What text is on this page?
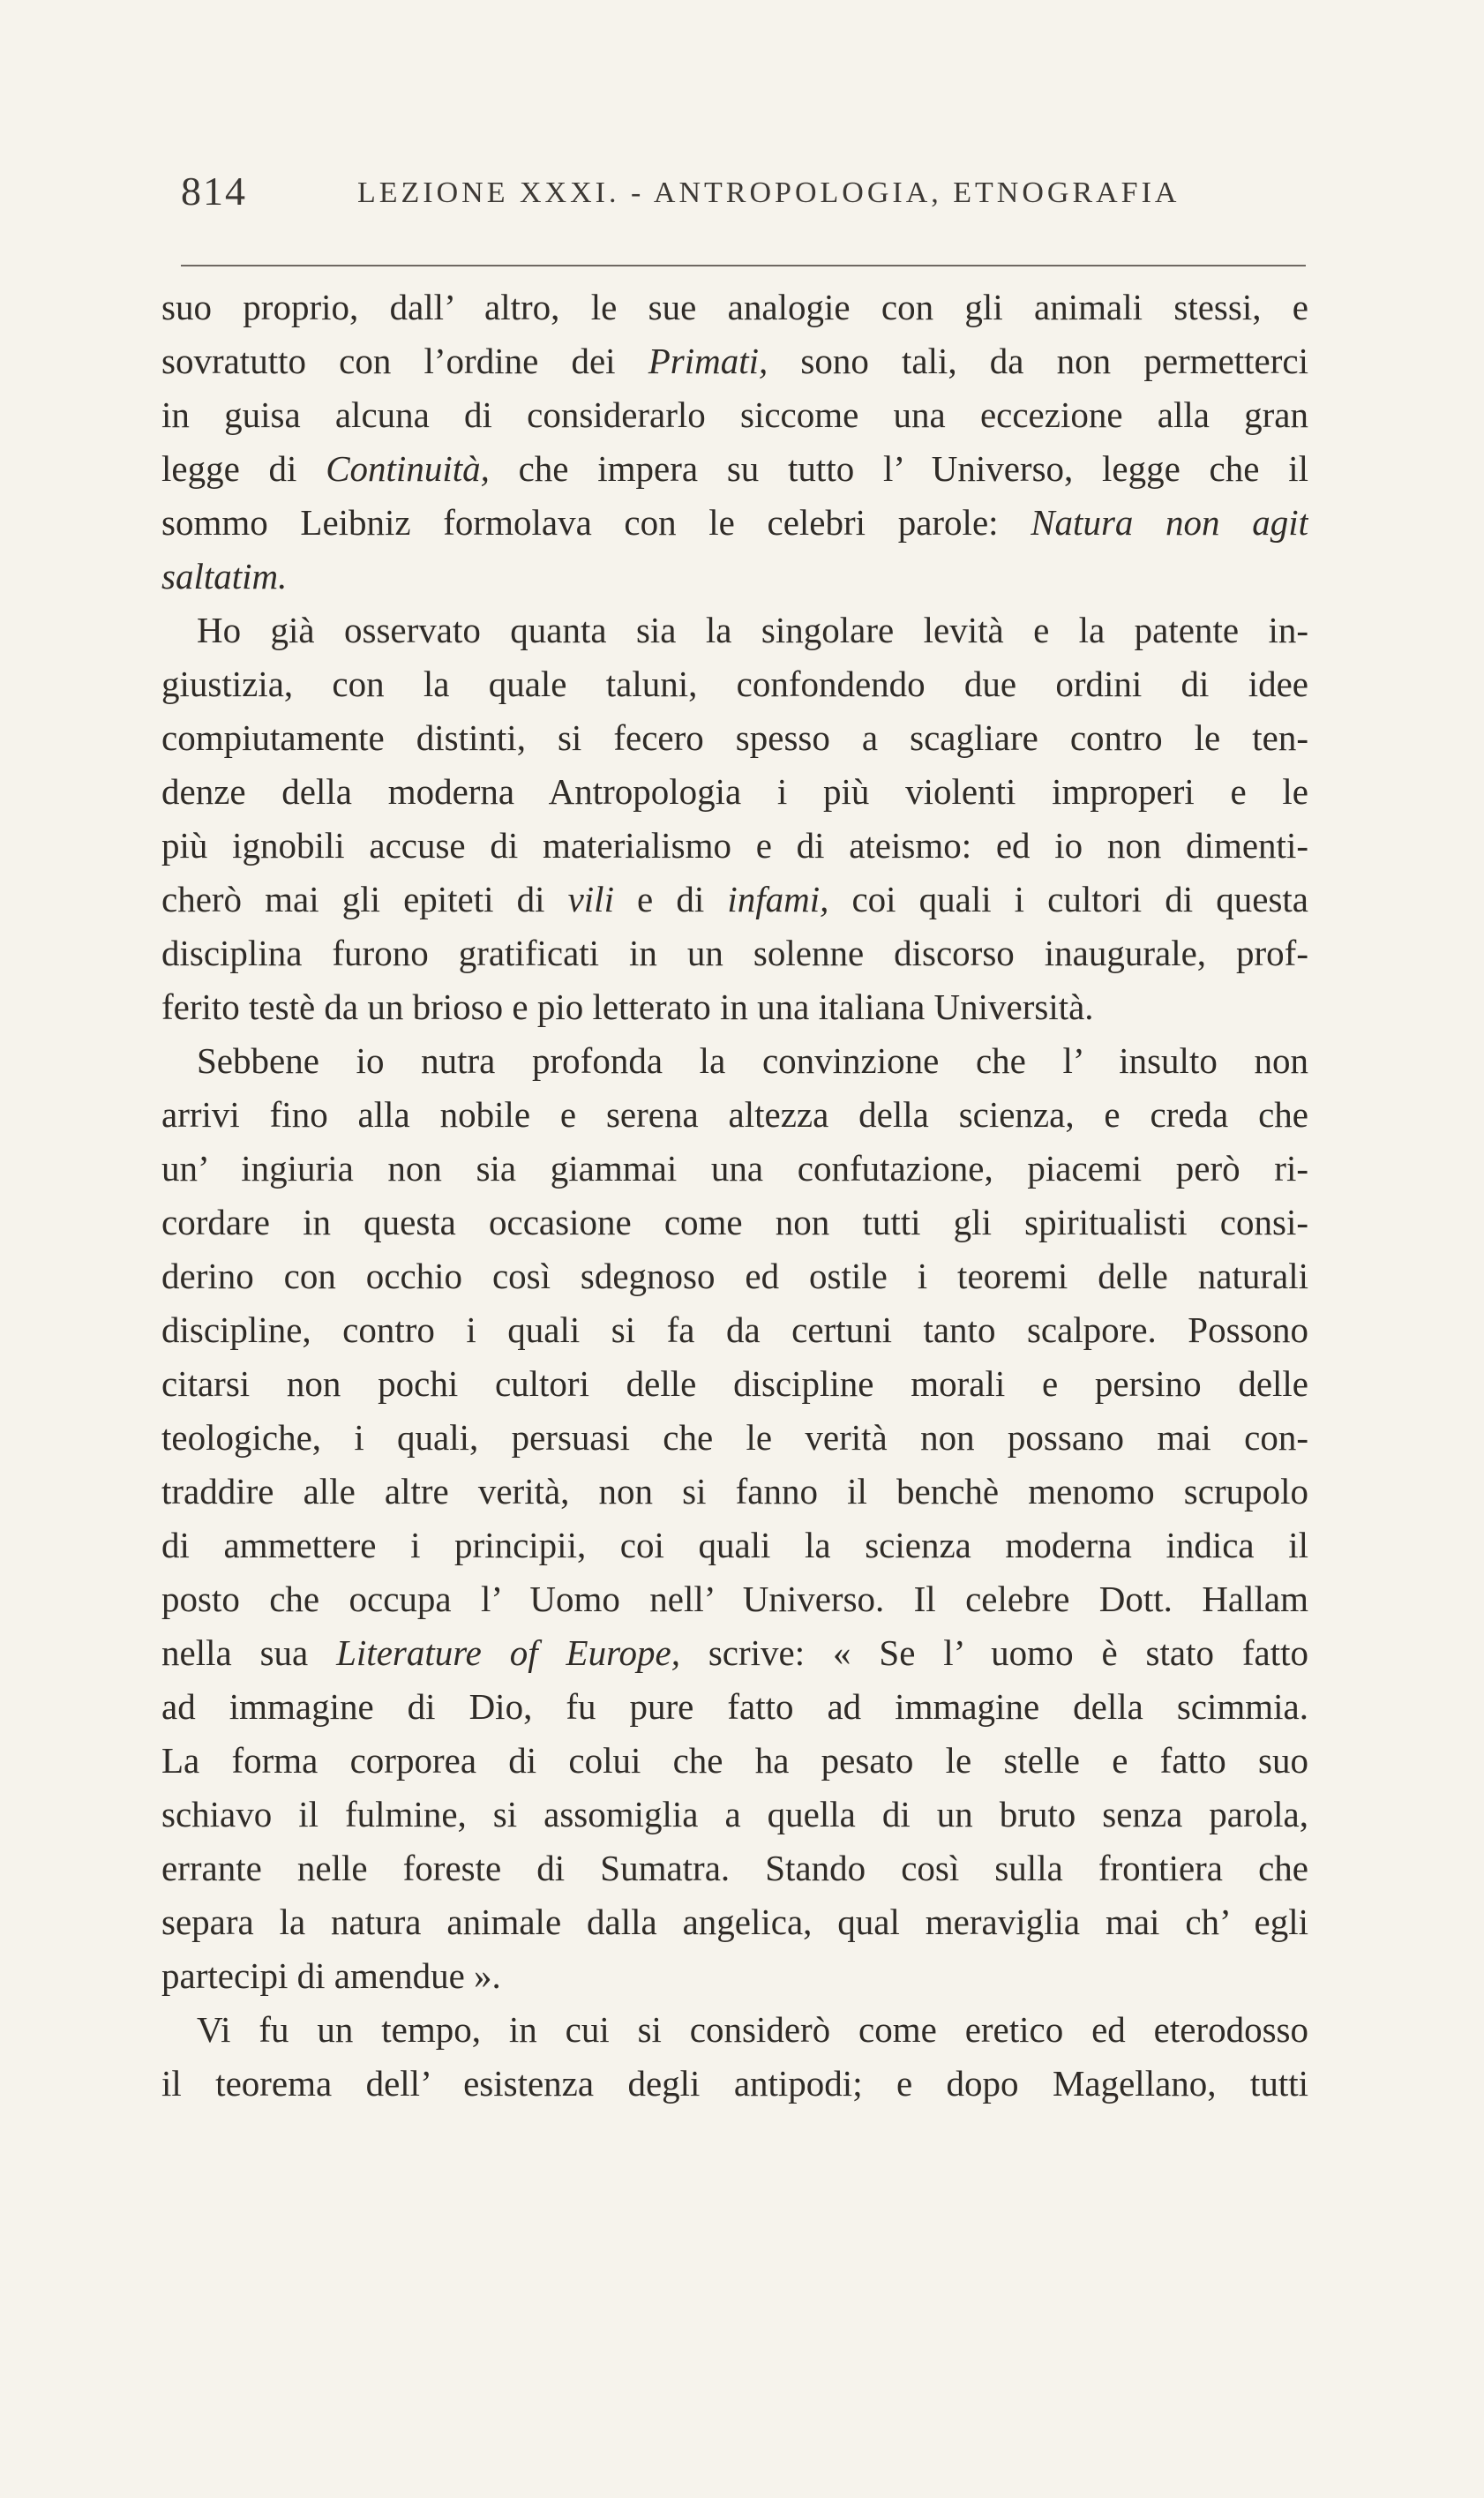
814	LEZIONE XXXI. - ANTROPOLOGIA, ETNOGRAFIA
suo proprio, dall’ altro, le sue analogie con gli animali stessi, e
sovratutto con l’ordine dei Primati, sono tali, da non permetterci
in guisa alcuna di considerarlo siccome una eccezione alla gran
legge di Continuità, che impera su tutto l’ Universo, legge che il
sommo Leibniz formolava con le celebri parole: Natura non agit
saltatim.
Ho già osservato quanta sia la singolare levità e la patente in-
giustizia, con la quale taluni, confondendo due ordini di idee
compiutamente distinti, si fecero spesso a scagliare contro le ten-
denze della moderna Antropologia i più violenti improperi e le
più ignobili accuse di materialismo e di ateismo: ed io non dimenti-
cherò mai gli epiteti di vili e di infami, coi quali i cultori di questa
disciplina furono gratificati in un solenne discorso inaugurale, prof-
ferito testè da un brioso e pio letterato in una italiana Università.
Sebbene io nutra profonda la convinzione che l’ insulto non
arrivi fino alla nobile e serena altezza della scienza, e creda che
un’ ingiuria non sia giammai una confutazione, piacemi però ri-
cordare in questa occasione come non tutti gli spiritualisti consi-
derino con occhio così sdegnoso ed ostile i teoremi delle naturali
discipline, contro i quali si fa da certuni tanto scalpore. Possono
citarsi non pochi cultori delle discipline morali e persino delle
teologiche, i quali, persuasi che le verità non possano mai con-
traddire alle altre verità, non si fanno il benchè menomo scrupolo
di ammettere i principii, coi quali la scienza moderna indica il
posto che occupa l’ Uomo nell’ Universo. Il celebre Dott. Hallam
nella sua Literature of Europe, scrive: « Se l’ uomo è stato fatto
ad immagine di Dio, fu pure fatto ad immagine della scimmia.
La forma corporea di colui che ha pesato le stelle e fatto suo
schiavo il fulmine, si assomiglia a quella di un bruto senza parola,
errante nelle foreste di Sumatra. Stando così sulla frontiera che
separa la natura animale dalla angelica, qual meraviglia mai ch’ egli
partecipi di amendue ».
Vi fu un tempo, in cui si considerò come eretico ed eterodosso
il teorema dell’ esistenza degli antipodi; e dopo Magellano, tutti
